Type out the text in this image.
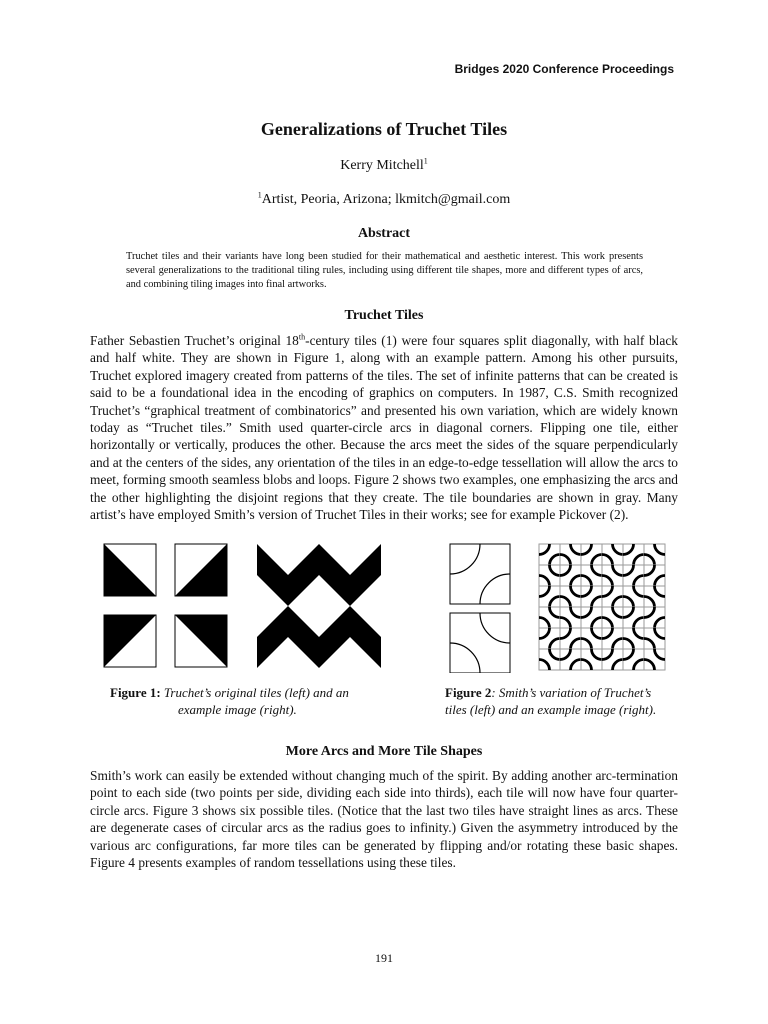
Bridges 2020 Conference Proceedings
Generalizations of Truchet Tiles
Kerry Mitchell$^1$
$^1$Artist, Peoria, Arizona; lkmitch@gmail.com
Abstract
Truchet tiles and their variants have long been studied for their mathematical and aesthetic interest. This work presents several generalizations to the traditional tiling rules, including using different tile shapes, more and different types of arcs, and combining tiling images into final artworks.
Truchet Tiles
Father Sebastien Truchet’s original 18th-century tiles (1) were four squares split diagonally, with half black and half white. They are shown in Figure 1, along with an example pattern. Among his other pursuits, Truchet explored imagery created from patterns of the tiles. The set of infinite patterns that can be created is said to be a foundational idea in the encoding of graphics on computers. In 1987, C.S. Smith recognized Truchet’s “graphical treatment of combinatorics” and presented his own variation, which are widely known today as “Truchet tiles.” Smith used quarter-circle arcs in diagonal corners. Flipping one tile, either horizontally or vertically, produces the other. Because the arcs meet the sides of the square perpendicularly and at the centers of the sides, any orientation of the tiles in an edge-to-edge tessellation will allow the arcs to meet, forming smooth seamless blobs and loops. Figure 2 shows two examples, one emphasizing the arcs and the other highlighting the disjoint regions that they create. The tile boundaries are shown in gray. Many artist’s have employed Smith’s version of Truchet Tiles in their works; see for example Pickover (2).
Figure 1: Truchet’s original tiles (left) and an
example image (right).
Figure 2: Smith’s variation of Truchet’s
tiles (left) and an example image (right).
More Arcs and More Tile Shapes
Smith’s work can easily be extended without changing much of the spirit. By adding another arc-termination point to each side (two points per side, dividing each side into thirds), each tile will now have four quarter-circle arcs. Figure 3 shows six possible tiles. (Notice that the last two tiles have straight lines as arcs. These are degenerate cases of circular arcs as the radius goes to infinity.) Given the asymmetry introduced by the various arc configurations, far more tiles can be generated by flipping and/or rotating these basic shapes. Figure 4 presents examples of random tessellations using these tiles.
191
